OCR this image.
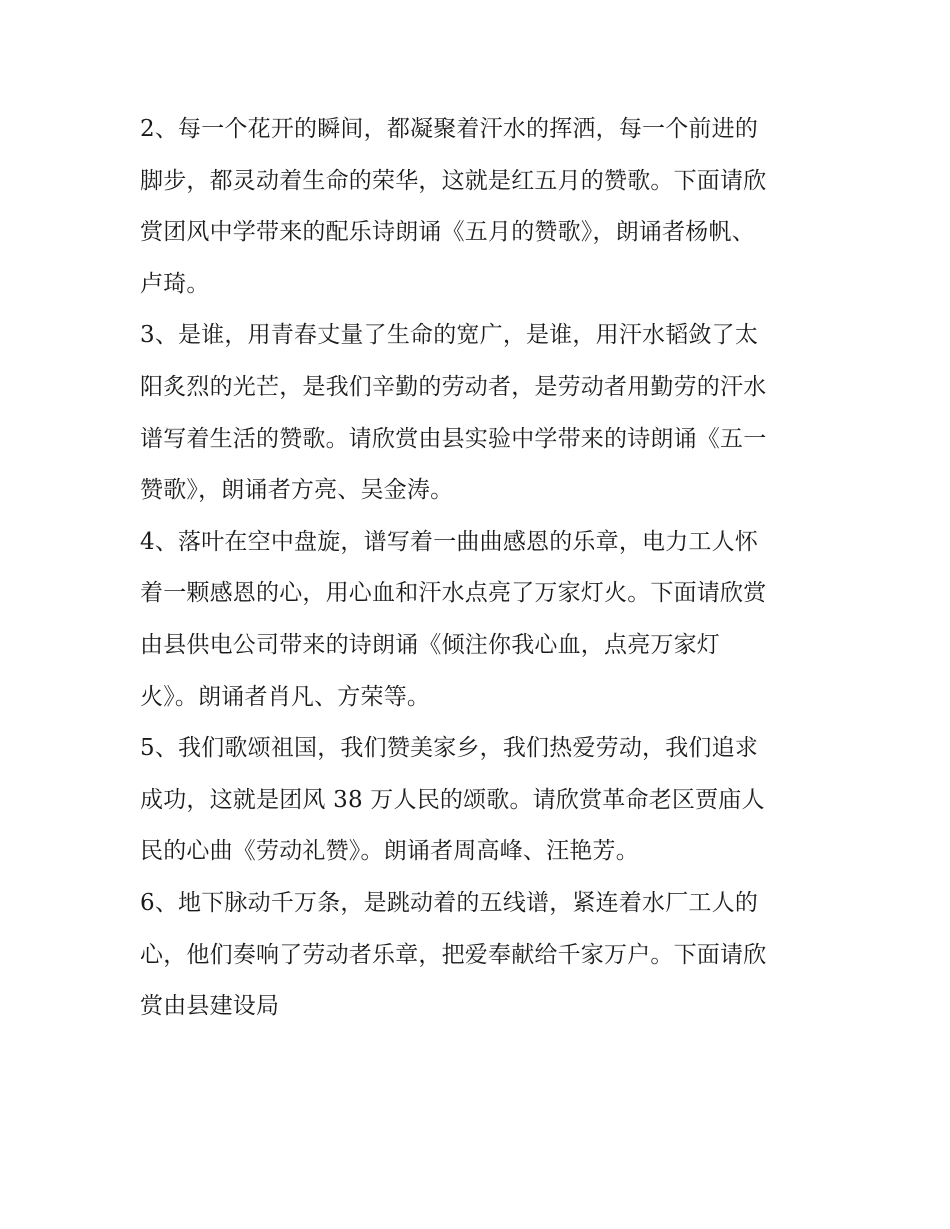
2、每一个花开的瞬间，都凝聚着汗水的挥洒，每一个前进的
脚步，都灵动着生命的荣华，这就是红五月的赞歌。下面请欣
赏团风中学带来的配乐诗朗诵《五月的赞歌》，朗诵者杨帆、
卢琦。
3、是谁，用青春丈量了生命的宽广，是谁，用汗水韬敛了太
阳炙烈的光芒，是我们辛勤的劳动者，是劳动者用勤劳的汗水
谱写着生活的赞歌。请欣赏由县实验中学带来的诗朗诵《五一
赞歌》，朗诵者方亮、吴金涛。
4、落叶在空中盘旋，谱写着一曲曲感恩的乐章，电力工人怀
着一颗感恩的心，用心血和汗水点亮了万家灯火。下面请欣赏
由县供电公司带来的诗朗诵《倾注你我心血，点亮万家灯
火》。朗诵者肖凡、方荣等。
5、我们歌颂祖国，我们赞美家乡，我们热爱劳动，我们追求
成功，这就是团风 38 万人民的颂歌。请欣赏革命老区贾庙人
民的心曲《劳动礼赞》。朗诵者周高峰、汪艳芳。
6、地下脉动千万条，是跳动着的五线谱，紧连着水厂工人的
心，他们奏响了劳动者乐章，把爱奉献给千家万户。下面请欣
赏由县建设局
